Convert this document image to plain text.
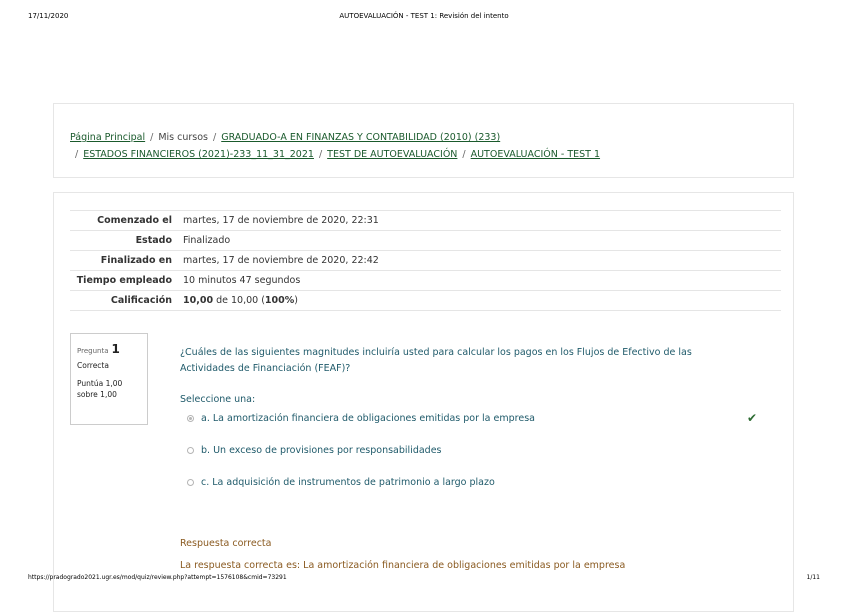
17/11/2020	AUTOEVALUACIÓN - TEST 1: Revisión del intento
Página Principal / Mis cursos / GRADUADO-A EN FINANZAS Y CONTABILIDAD (2010) (233)
/ ESTADOS FINANCIEROS (2021)-233_11_31_2021 / TEST DE AUTOEVALUACIÓN / AUTOEVALUACIÓN - TEST 1
Comenzado el	martes, 17 de noviembre de 2020, 22:31
Estado	Finalizado
Finalizado en	martes, 17 de noviembre de 2020, 22:42
Tiempo empleado	10 minutos 47 segundos
Calificación	10,00 de 10,00 (100%)
Pregunta 1
Correcta
Puntúa 1,00 sobre 1,00
¿Cuáles de las siguientes magnitudes incluiría usted para calcular los pagos en los Flujos de Efectivo de las Actividades de Financiación (FEAF)?
Seleccione una:
a. La amortización financiera de obligaciones emitidas por la empresa	✔
b. Un exceso de provisiones por responsabilidades
c. La adquisición de instrumentos de patrimonio a largo plazo
Respuesta correcta
La respuesta correcta es: La amortización financiera de obligaciones emitidas por la empresa
https://pradogrado2021.ugr.es/mod/quiz/review.php?attempt=1576108&cmid=73291	1/11
